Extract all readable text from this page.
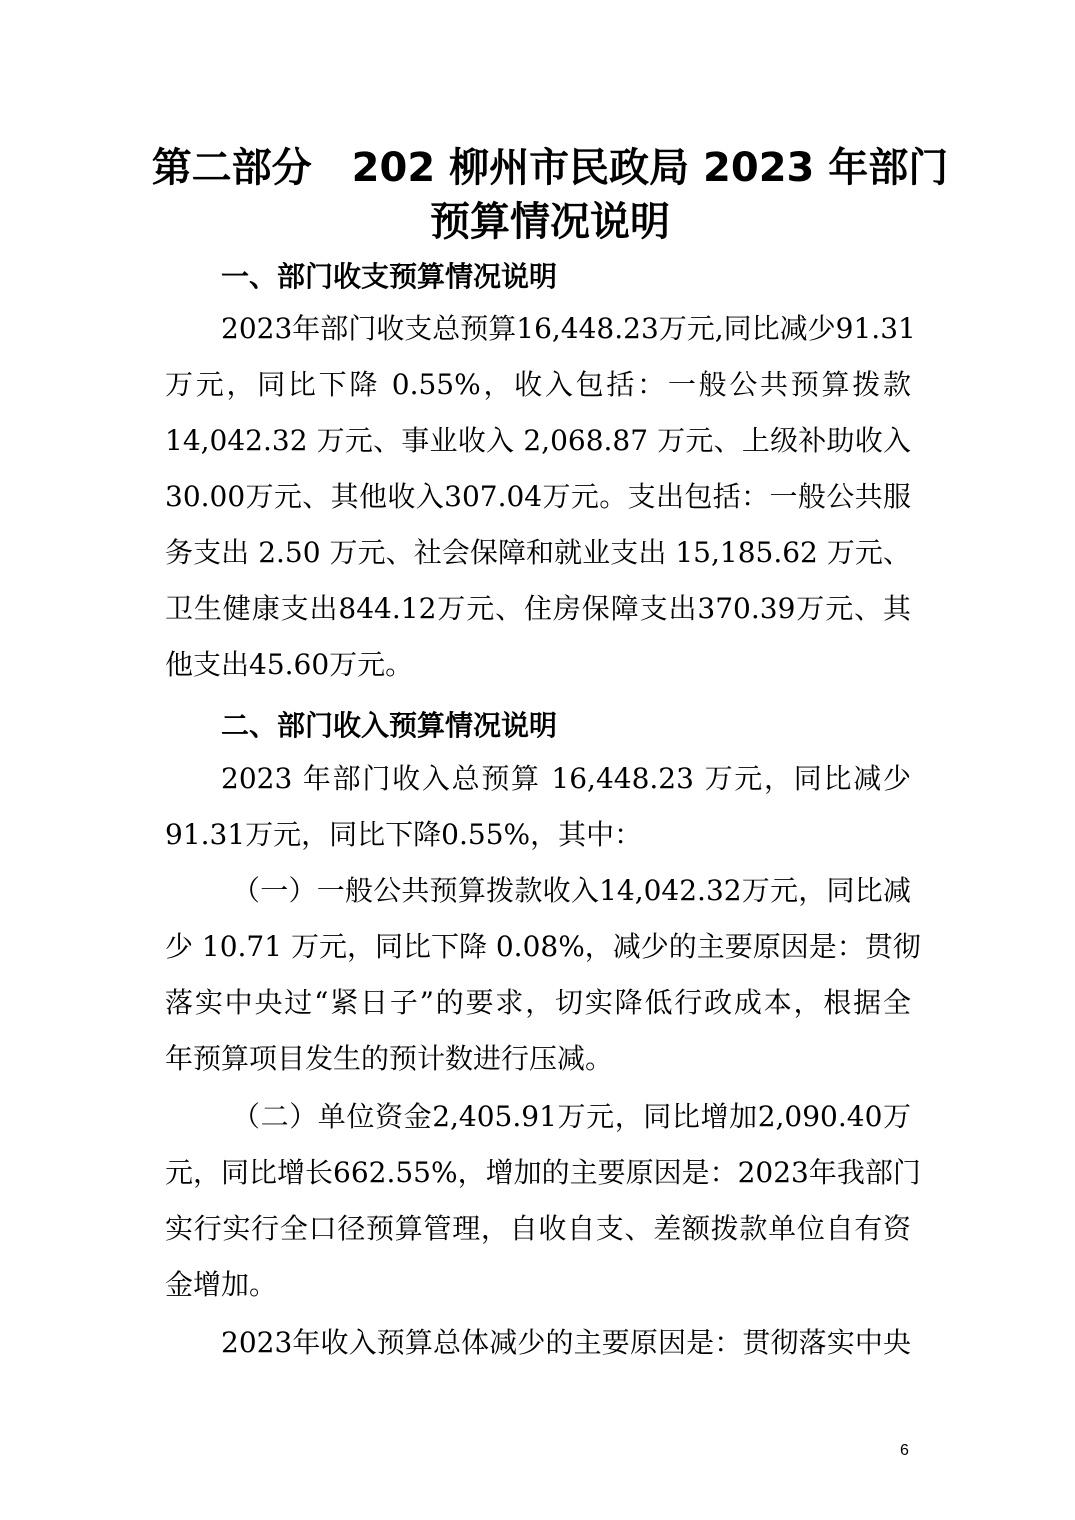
第二部分　202 柳州市民政局 2023 年部门
预算情况说明
一、部门收支预算情况说明
2023年部门收支总预算16,448.23万元,同比减少91.31
万元，同比下降 0.55%，收入包括：一般公共预算拨款
14,042.32 万元、事业收入 2,068.87 万元、上级补助收入
30.00万元、其他收入307.04万元。支出包括：一般公共服
务支出 2.50 万元、社会保障和就业支出 15,185.62 万元、
卫生健康支出844.12万元、住房保障支出370.39万元、其
他支出45.60万元。
二、部门收入预算情况说明
2023 年部门收入总预算 16,448.23 万元，同比减少
91.31万元，同比下降0.55%，其中：
（一）一般公共预算拨款收入14,042.32万元，同比减
少 10.71 万元，同比下降 0.08%，减少的主要原因是：贯彻
落实中央过“紧日子”的要求，切实降低行政成本，根据全
年预算项目发生的预计数进行压减。
（二）单位资金2,405.91万元，同比增加2,090.40万
元，同比增长662.55%，增加的主要原因是：2023年我部门
实行实行全口径预算管理，自收自支、差额拨款单位自有资
金增加。
2023年收入预算总体减少的主要原因是：贯彻落实中央
6
